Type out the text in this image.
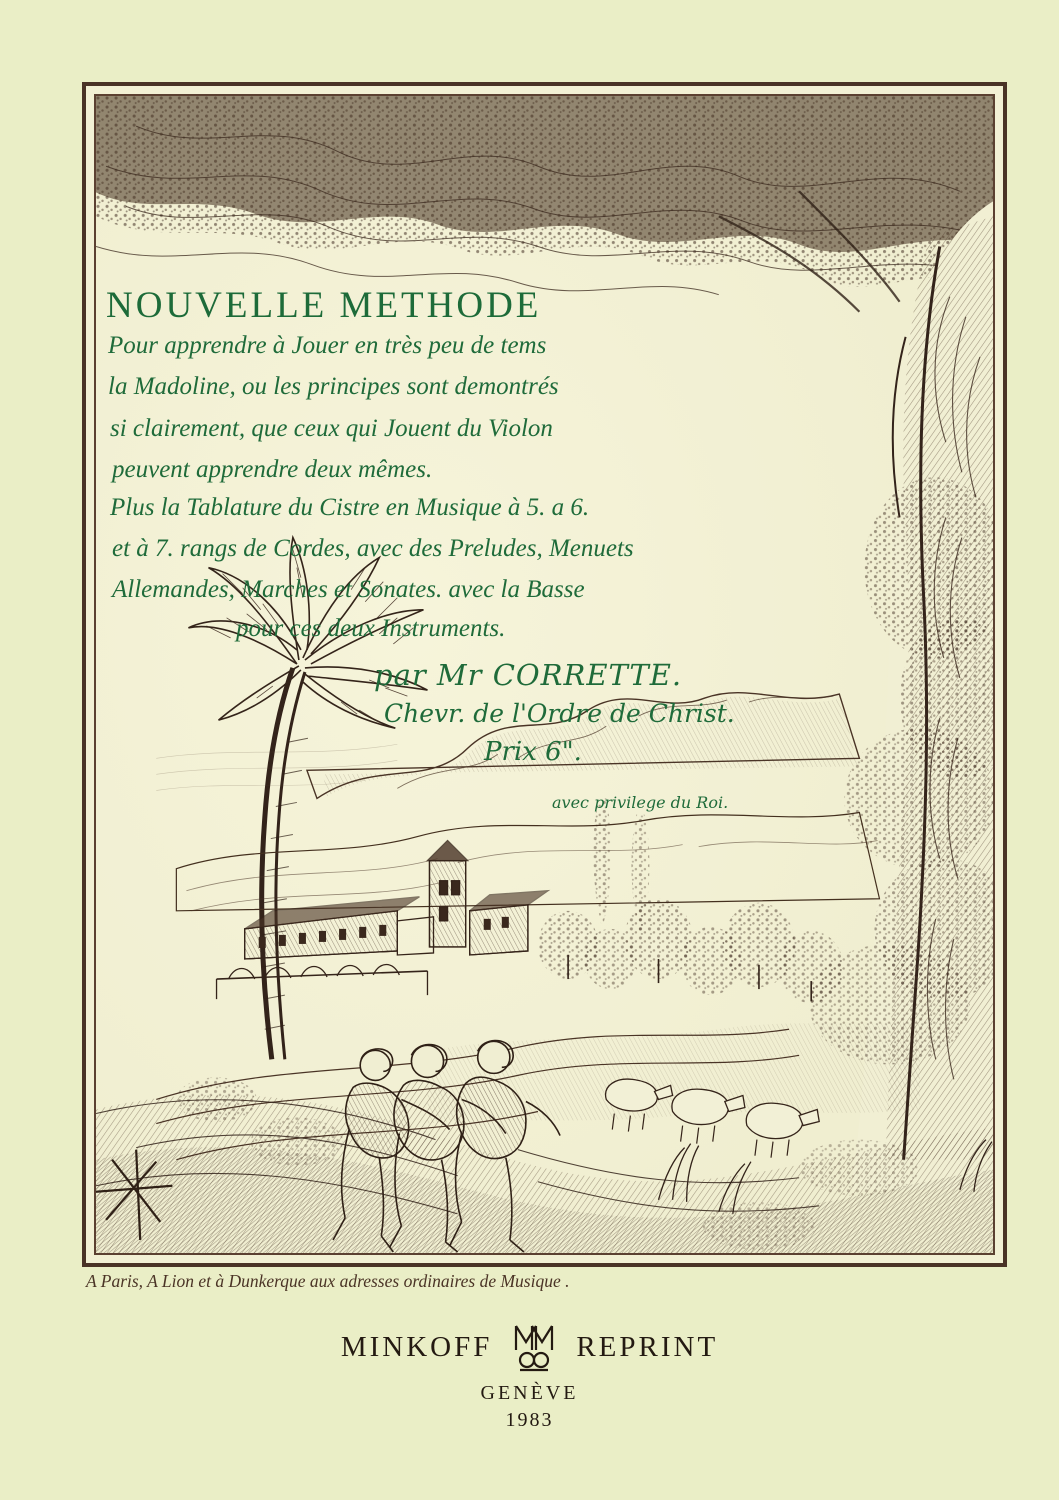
NOUVELLE METHODE
Pour apprendre à Jouer en très peu de tems
la Madoline, ou les principes sont demontrés
si clairement, que ceux qui Jouent du Violon
peuvent apprendre deux mêmes.
Plus la Tablature du Cistre en Musique à 5. a 6.
et à 7. rangs de Cordes, avec des Preludes, Menuets
Allemandes, Marches et Sonates. avec la Basse
pour ces deux Instruments.
par Mr CORRETTE.
Chevr. de l'Ordre de Christ.
Prix 6".
avec privilege du Roi.
A Paris, A Lion et à Dunkerque aux adresses ordinaires de Musique .
MINKOFF	REPRINT
GENÈVE
1983
